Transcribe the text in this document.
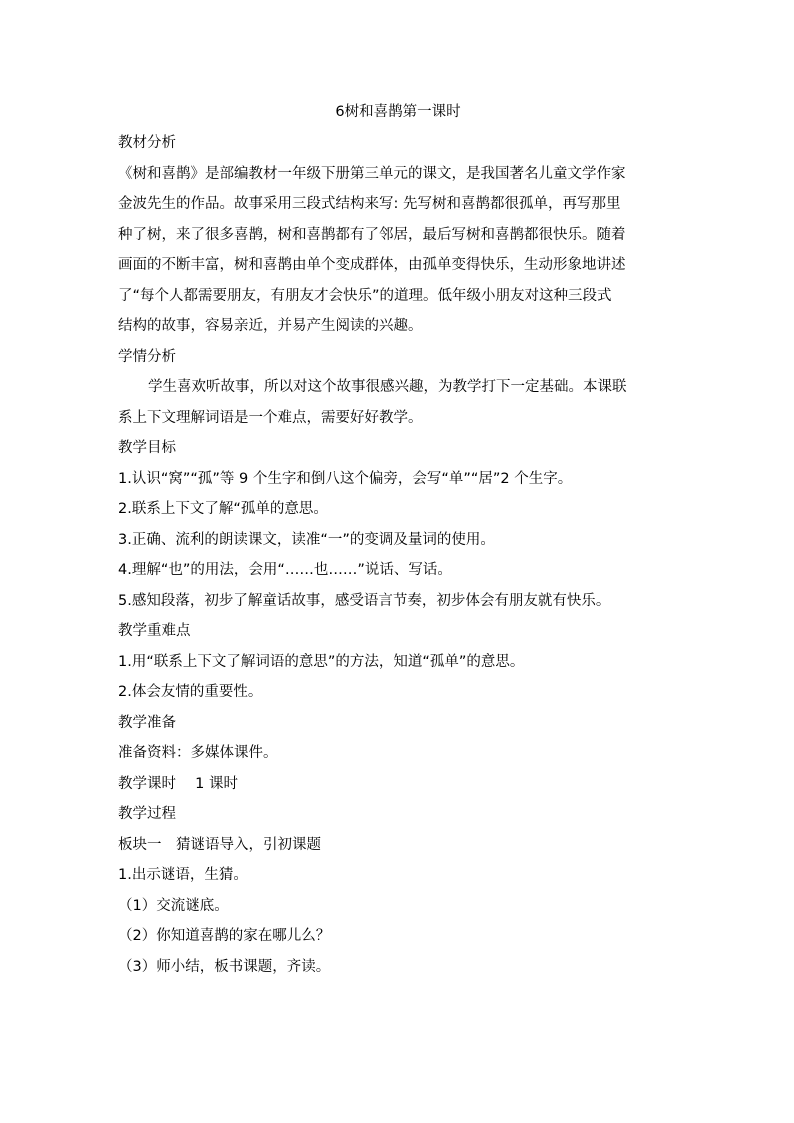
6树和喜鹊第一课时
教材分析
《树和喜鹊》是部编教材一年级下册第三单元的课文，是我国著名儿童文学作家
金波先生的作品。故事采用三段式结构来写: 先写树和喜鹊都很孤单，再写那里
种了树，来了很多喜鹊，树和喜鹊都有了邻居，最后写树和喜鹊都很快乐。随着
画面的不断丰富，树和喜鹊由单个变成群体，由孤单变得快乐，生动形象地讲述
了“每个人都需要朋友，有朋友才会快乐”的道理。低年级小朋友对这种三段式
结构的故事，容易亲近，并易产生阅读的兴趣。
学情分析
学生喜欢听故事，所以对这个故事很感兴趣，为教学打下一定基础。本课联
系上下文理解词语是一个难点，需要好好教学。
教学目标
1.认识“窝”“孤”等 9 个生字和倒八这个偏旁，会写“单”“居”2 个生字。
2.联系上下文了解“孤单的意思。
3.正确、流利的朗读课文，读准“一”的变调及量词的使用。
4.理解“也”的用法，会用“……也……”说话、写话。
5.感知段落，初步了解童话故事，感受语言节奏，初步体会有朋友就有快乐。
教学重难点
1.用“联系上下文了解词语的意思”的方法，知道“孤单”的意思。
2.体会友情的重要性。
教学准备
准备资料：多媒体课件。
教学课时　 1 课时
教学过程
板块一　猜谜语导入，引初课题
1.出示谜语，生猜。
（1）交流谜底。
（2）你知道喜鹊的家在哪儿么？
（3）师小结，板书课题，齐读。
